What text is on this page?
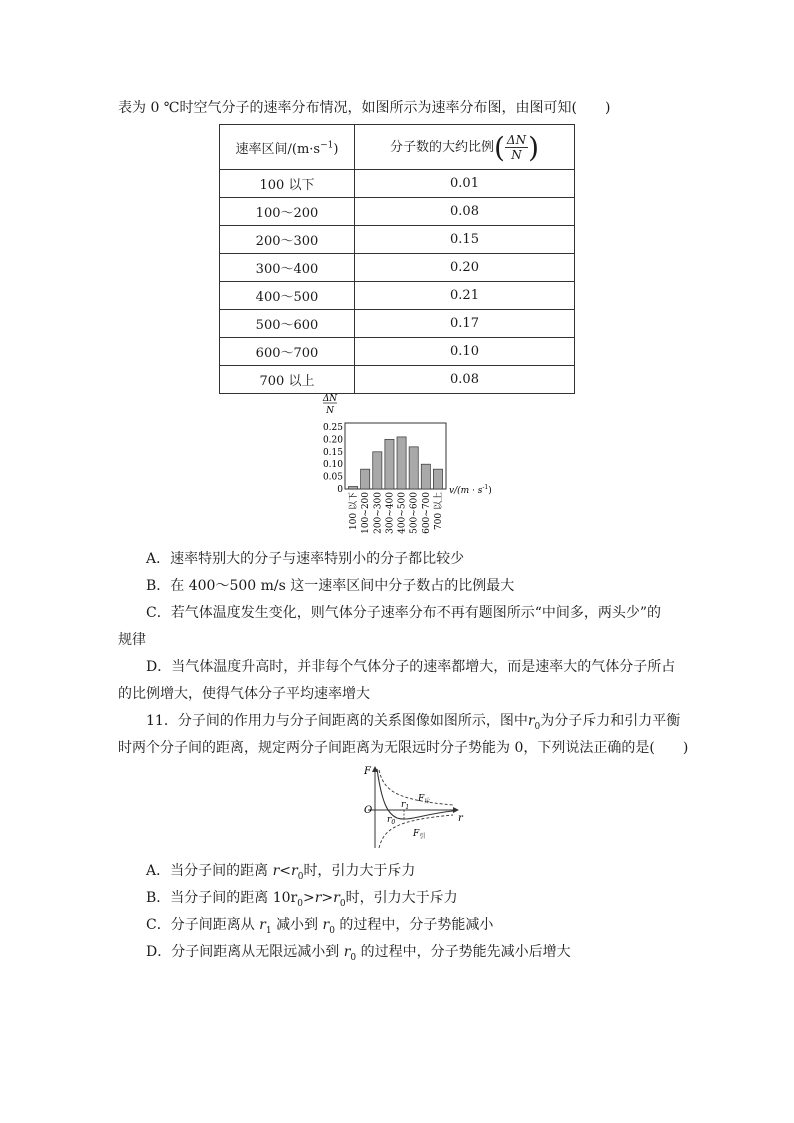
表为 0 ℃时空气分子的速率分布情况，如图所示为速率分布图，由图可知( )
速率区间$/(m\cdot s^{-1})$	分子数的大约比例( $\frac{\Delta N}{N}$ )
100 以下	0.01
100～200	0.08
200～300	0.15
300～400	0.20
400～500	0.21
500～600	0.17
600～700	0.10
700 以上	0.08
ΔN
N
0.25
0.20
0.15
0.10
0.05
0
100 以下 100~200 200~300 300~400 400~500 500~600 600~700 700 以上
$v/(m \cdot s^{-1})$
A．速率特别大的分子与速率特别小的分子都比较少
B．在 400～500 m/s 这一速率区间中分子数占的比例最大
C．若气体温度发生变化，则气体分子速率分布不再有题图所示“中间多，两头少”的
规律
D．当气体温度升高时，并非每个气体分子的速率都增大，而是速率大的气体分子所占
的比例增大，使得气体分子平均速率增大
11．分子间的作用力与分子间距离的关系图像如图所示，图中$r_0$为分子斥力和引力平衡
时两个分子间的距离，规定两分子间距离为无限远时分子势能为 0，下列说法正确的是( )
F
O
r
$r_0$
$r_1$
$F_斥$
$F_引$
A．当分子间的距离 $r<r_0$时，引力大于斥力
B．当分子间的距离 $10r_0>r>r_0$时，引力大于斥力
C．分子间距离从 $r_1$ 减小到 $r_0$ 的过程中，分子势能减小
D．分子间距离从无限远减小到 $r_0$ 的过程中，分子势能先减小后增大
